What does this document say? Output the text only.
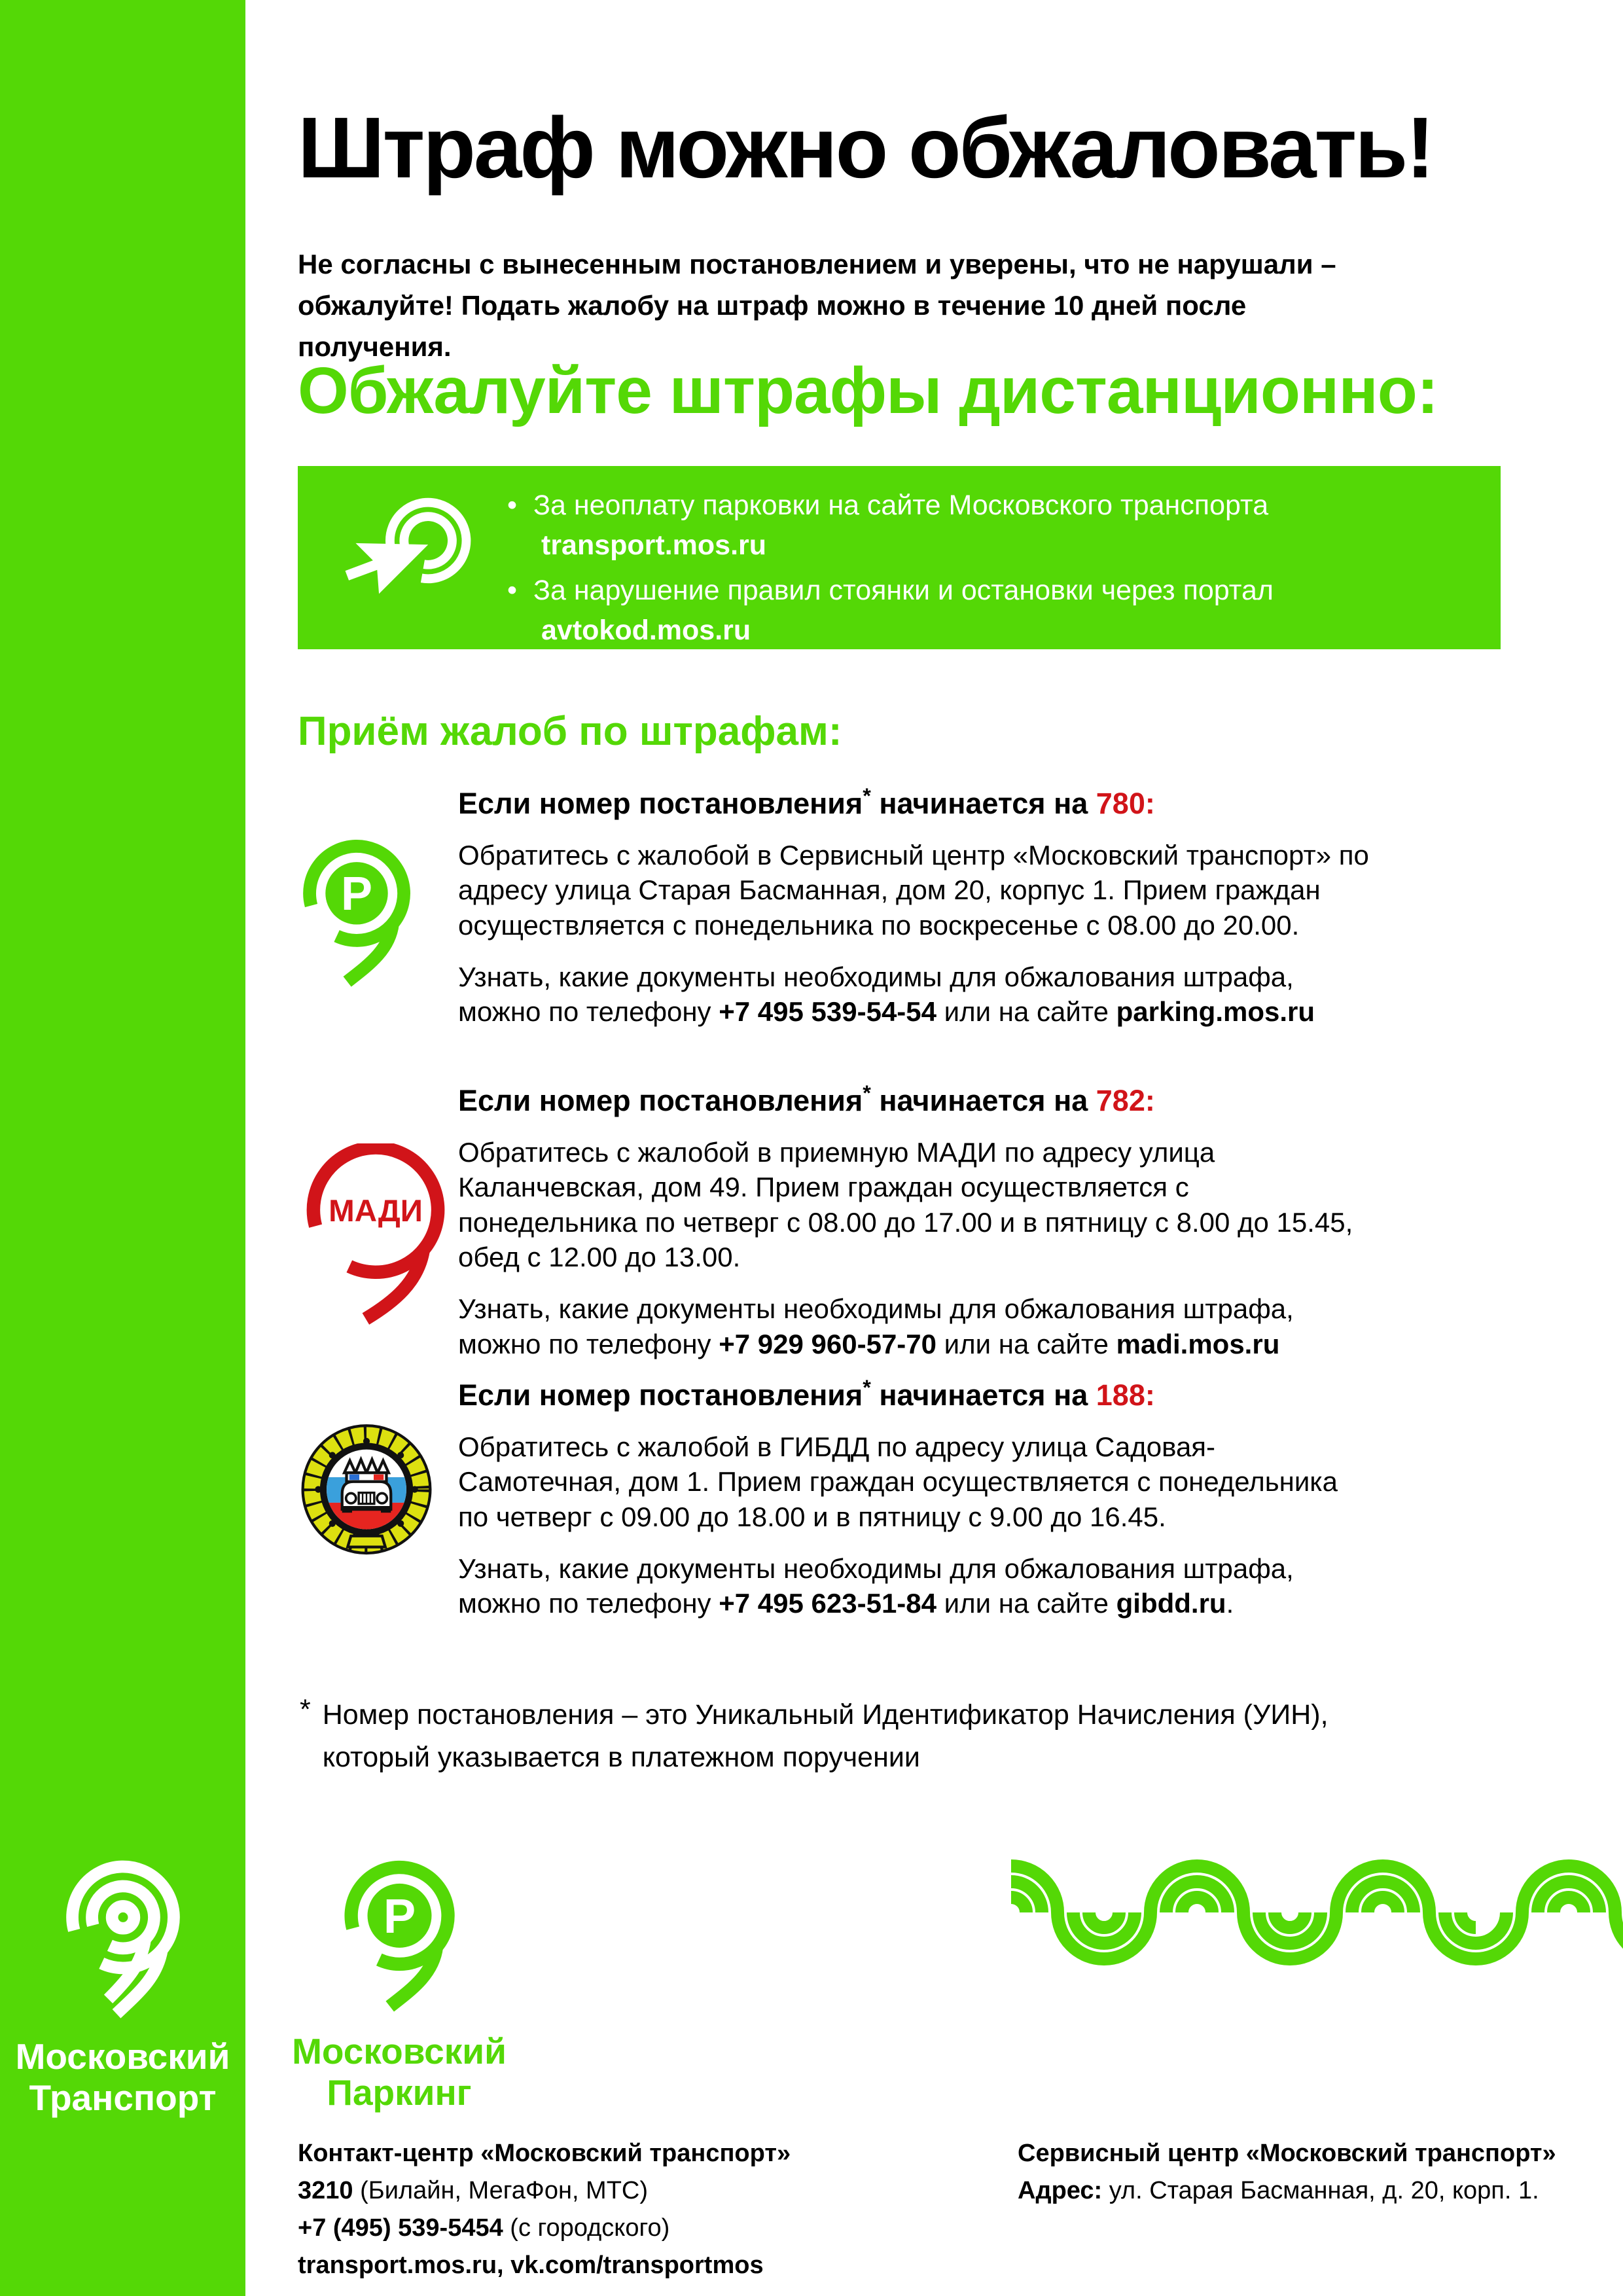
Штраф можно обжаловать!

Не согласны с вынесенным постановлением и уверены, что не нарушали – обжалуйте! Подать жалобу на штраф можно в течение 10 дней после получения.

Обжалуйте штрафы дистанционно:
• За неоплату парковки на сайте Московского транспорта
transport.mos.ru
• За нарушение правил стоянки и остановки через портал
avtokod.mos.ru
Приём жалоб по штрафам:
P
Если номер постановления* начинается на 780:

Обратитесь с жалобой в Сервисный центр «Московский транспорт» по адресу улица Старая Басманная, дом 20, корпус 1. Прием граждан осуществляется с понедельника по воскресенье с 08.00 до 20.00.

Узнать, какие документы необходимы для обжалования штрафа, можно по телефону +7 495 539-54-54 или на сайте parking.mos.ru

МАДИ
Если номер постановления* начинается на 782:

Обратитесь с жалобой в приемную МАДИ по адресу улица Каланчевская, дом 49. Прием граждан осуществляется с понедельника по четверг с 08.00 до 17.00 и в пятницу с 8.00 до 15.45, обед с 12.00 до 13.00.

Узнать, какие документы необходимы для обжалования штрафа, можно по телефону +7 929 960-57-70 или на сайте madi.mos.ru

Если номер постановления* начинается на 188:

Обратитесь с жалобой в ГИБДД по адресу улица Садовая-Самотечная, дом 1. Прием граждан осуществляется с понедельника по четверг с 09.00 до 18.00 и в пятницу с 9.00 до 16.45.

Узнать, какие документы необходимы для обжалования штрафа, можно по телефону +7 495 623-51-84 или на сайте gibdd.ru.

* Номер постановления – это Уникальный Идентификатор Начисления (УИН),
который указывается в платежном поручении
Московский
Транспорт
P
Московский
Паркинг
Контакт-центр «Московский транспорт»
3210 (Билайн, МегаФон, МТС)
+7 (495) 539-5454 (с городского)
transport.mos.ru, vk.com/transportmos
Сервисный центр «Московский транспорт»
Адрес: ул. Старая Басманная, д. 20, корп. 1.
